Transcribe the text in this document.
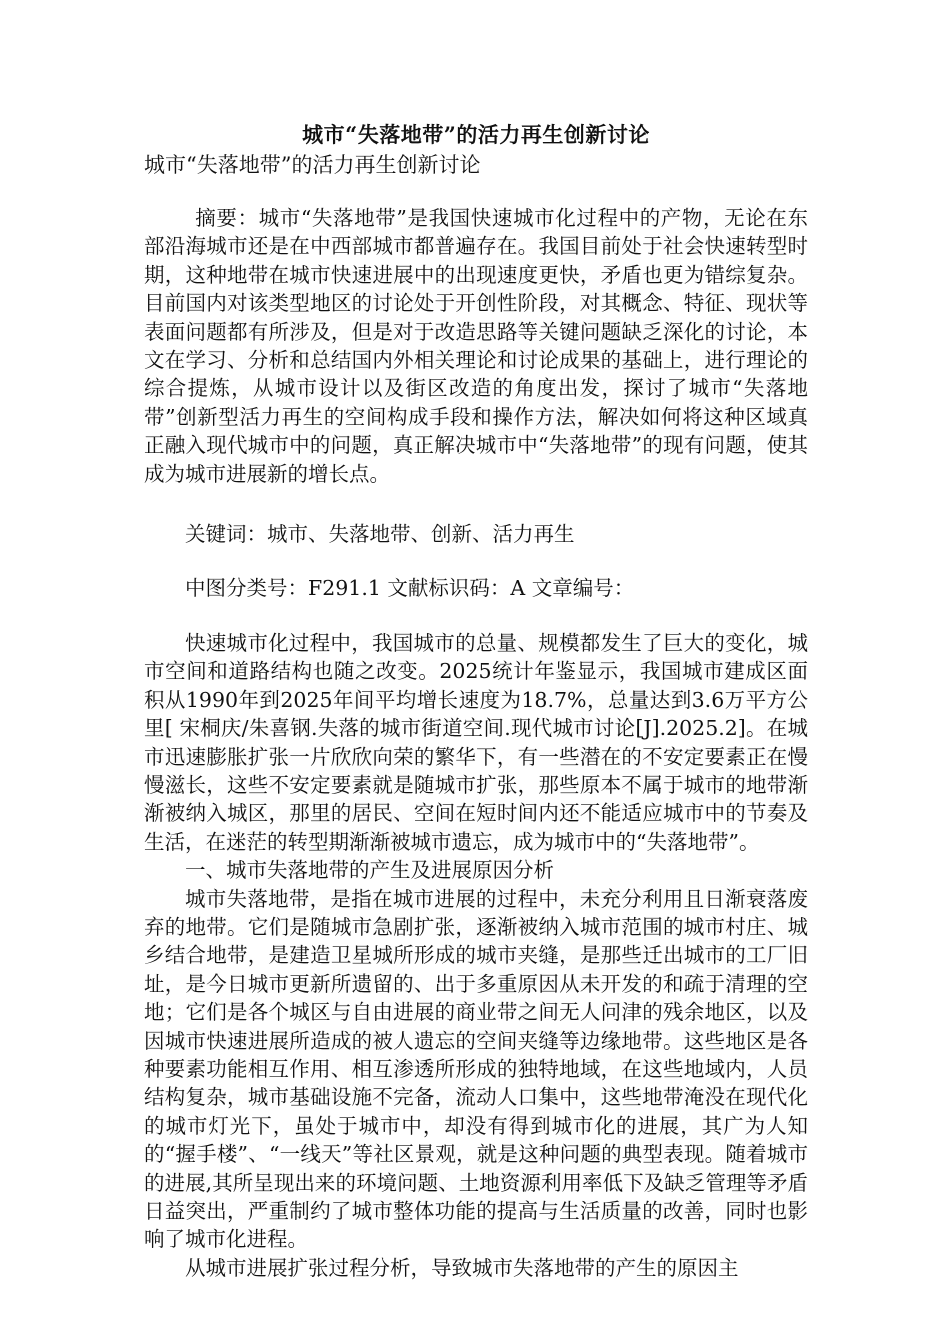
城市“失落地带”的活力再生创新讨论
城市“失落地带”的活力再生创新讨论

摘要：城市“失落地带”是我国快速城市化过程中的产物，无论在东部沿海城市还是在中西部城市都普遍存在。我国目前处于社会快速转型时期，这种地带在城市快速进展中的出现速度更快，矛盾也更为错综复杂。目前国内对该类型地区的讨论处于开创性阶段，对其概念、特征、现状等表面问题都有所涉及，但是对于改造思路等关键问题缺乏深化的讨论，本文在学习、分析和总结国内外相关理论和讨论成果的基础上，进行理论的综合提炼，从城市设计以及街区改造的角度出发，探讨了城市“失落地带”创新型活力再生的空间构成手段和操作方法，解决如何将这种区域真正融入现代城市中的问题，真正解决城市中“失落地带”的现有问题，使其成为城市进展新的增长点。

关键词：城市、失落地带、创新、活力再生

中图分类号：F291.1 文献标识码：A 文章编号：

快速城市化过程中，我国城市的总量、规模都发生了巨大的变化，城市空间和道路结构也随之改变。2025统计年鉴显示，我国城市建成区面积从1990年到2025年间平均增长速度为18.7%，总量达到3.6万平方公里[ 宋桐庆/朱喜钢.失落的城市街道空间.现代城市讨论[J].2025.2]。在城市迅速膨胀扩张一片欣欣向荣的繁华下，有一些潜在的不安定要素正在慢慢滋长，这些不安定要素就是随城市扩张，那些原本不属于城市的地带渐渐被纳入城区，那里的居民、空间在短时间内还不能适应城市中的节奏及生活，在迷茫的转型期渐渐被城市遗忘，成为城市中的“失落地带”。

一、城市失落地带的产生及进展原因分析

城市失落地带，是指在城市进展的过程中，未充分利用且日渐衰落废弃的地带。它们是随城市急剧扩张，逐渐被纳入城市范围的城市村庄、城乡结合地带，是建造卫星城所形成的城市夹缝，是那些迁出城市的工厂旧址，是今日城市更新所遗留的、出于多重原因从未开发的和疏于清理的空地；它们是各个城区与自由进展的商业带之间无人问津的残余地区，以及因城市快速进展所造成的被人遗忘的空间夹缝等边缘地带。这些地区是各种要素功能相互作用、相互渗透所形成的独特地域，在这些地域内，人员结构复杂，城市基础设施不完备，流动人口集中，这些地带淹没在现代化的城市灯光下，虽处于城市中，却没有得到城市化的进展，其广为人知的“握手楼”、“一线天”等社区景观，就是这种问题的典型表现。随着城市的进展,其所呈现出来的环境问题、土地资源利用率低下及缺乏管理等矛盾日益突出，严重制约了城市整体功能的提高与生活质量的改善，同时也影响了城市化进程。

从城市进展扩张过程分析，导致城市失落地带的产生的原因主
